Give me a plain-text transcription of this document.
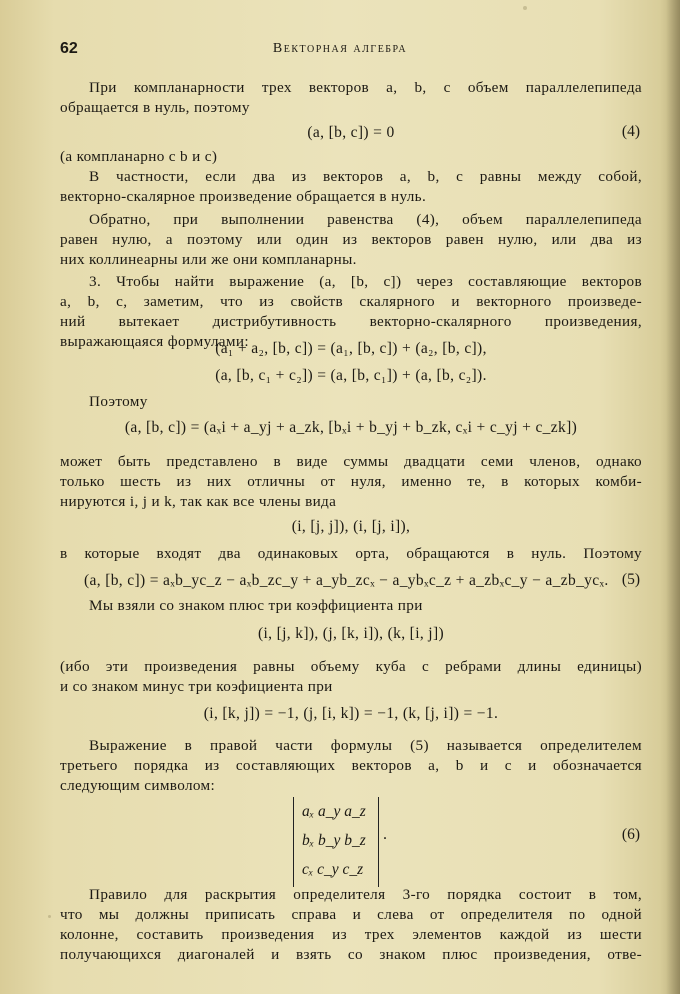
62	Векторная алгебра
При компланарности трех векторов a, b, c объем параллелепипеда
обращается в нуль, поэтому
(a, [b, c]) = 0	(4)
(a компланарно с b и c)
В частности, если два из векторов a, b, c равны между собой,
векторно-скалярное произведение обращается в нуль.
Обратно, при выполнении равенства (4), объем параллелепипеда
равен нулю, а поэтому или один из векторов равен нулю, или два из
них коллинеарны или же они компланарны.
3. Чтобы найти выражение (a, [b, c]) через составляющие векторов
a, b, c, заметим, что из свойств скалярного и векторного произведе-
ний вытекает дистрибутивность векторно-скалярного произведения,
выражающаяся формулами:
(a₁ + a₂, [b, c]) = (a₁, [b, c]) + (a₂, [b, c]),
(a, [b, c₁ + c₂]) = (a, [b, c₁]) + (a, [b, c₂]).
Поэтому
(a, [b, c]) = (aₓi + a_yj + a_zk, [bₓi + b_yj + b_zk, cₓi + c_yj + c_zk])
может быть представлено в виде суммы двадцати семи членов, однако
только шесть из них отличны от нуля, именно те, в которых комби-
нируются i, j и k, так как все члены вида
(i, [j, j]), (i, [j, i]),
в которые входят два одинаковых орта, обращаются в нуль. Поэтому
(a, [b, c]) = aₓb_yc_z − aₓb_zc_y + a_yb_zcₓ − a_ybₓc_z + a_zbₓc_y − a_zb_ycₓ. (5)
Мы взяли со знаком плюс три коэффициента при
(i, [j, k]), (j, [k, i]), (k, [i, j])
(ибо эти произведения равны объему куба с ребрами длины единицы)
и со знаком минус три коэфициента при
(i, [k, j]) = −1, (j, [i, k]) = −1, (k, [j, i]) = −1.
Выражение в правой части формулы (5) называется определителем
третьего порядка из составляющих векторов a, b и c и обозначается
следующим символом:
aₓ a_y a_z
bₓ b_y b_z
cₓ c_y c_z
.	(6)
Правило для раскрытия определителя 3-го порядка состоит в том,
что мы должны приписать справа и слева от определителя по одной
колонне, составить произведения из трех элементов каждой из шести
получающихся диагоналей и взять со знаком плюс произведения, отве-
